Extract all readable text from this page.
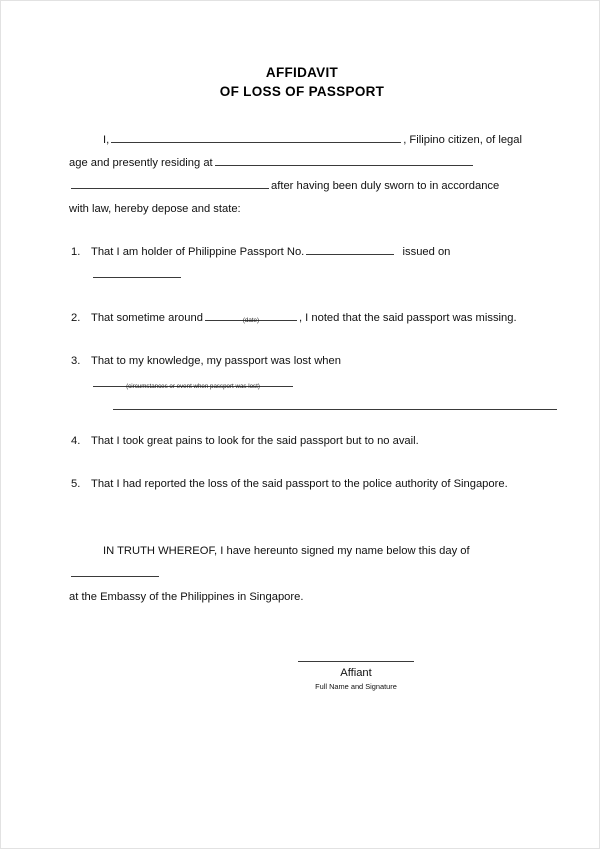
AFFIDAVIT
OF LOSS OF PASSPORT
I,	, Filipino citizen, of legal
age and presently residing at
after having been duly sworn to in accordance
with law, hereby depose and state:
1. That I am holder of Philippine Passport No.	issued on
2. That sometime around	(date)	, I noted that the said passport was missing.
3. That to my knowledge, my passport was lost when
(circumstances or event when passport was lost)
4. That I took great pains to look for the said passport but to no avail.
5. That I had reported the loss of the said passport to the police authority of Singapore.
IN TRUTH WHEREOF, I have hereunto signed my name below this day of
at the Embassy of the Philippines in Singapore.
Affiant
Full Name and Signature
